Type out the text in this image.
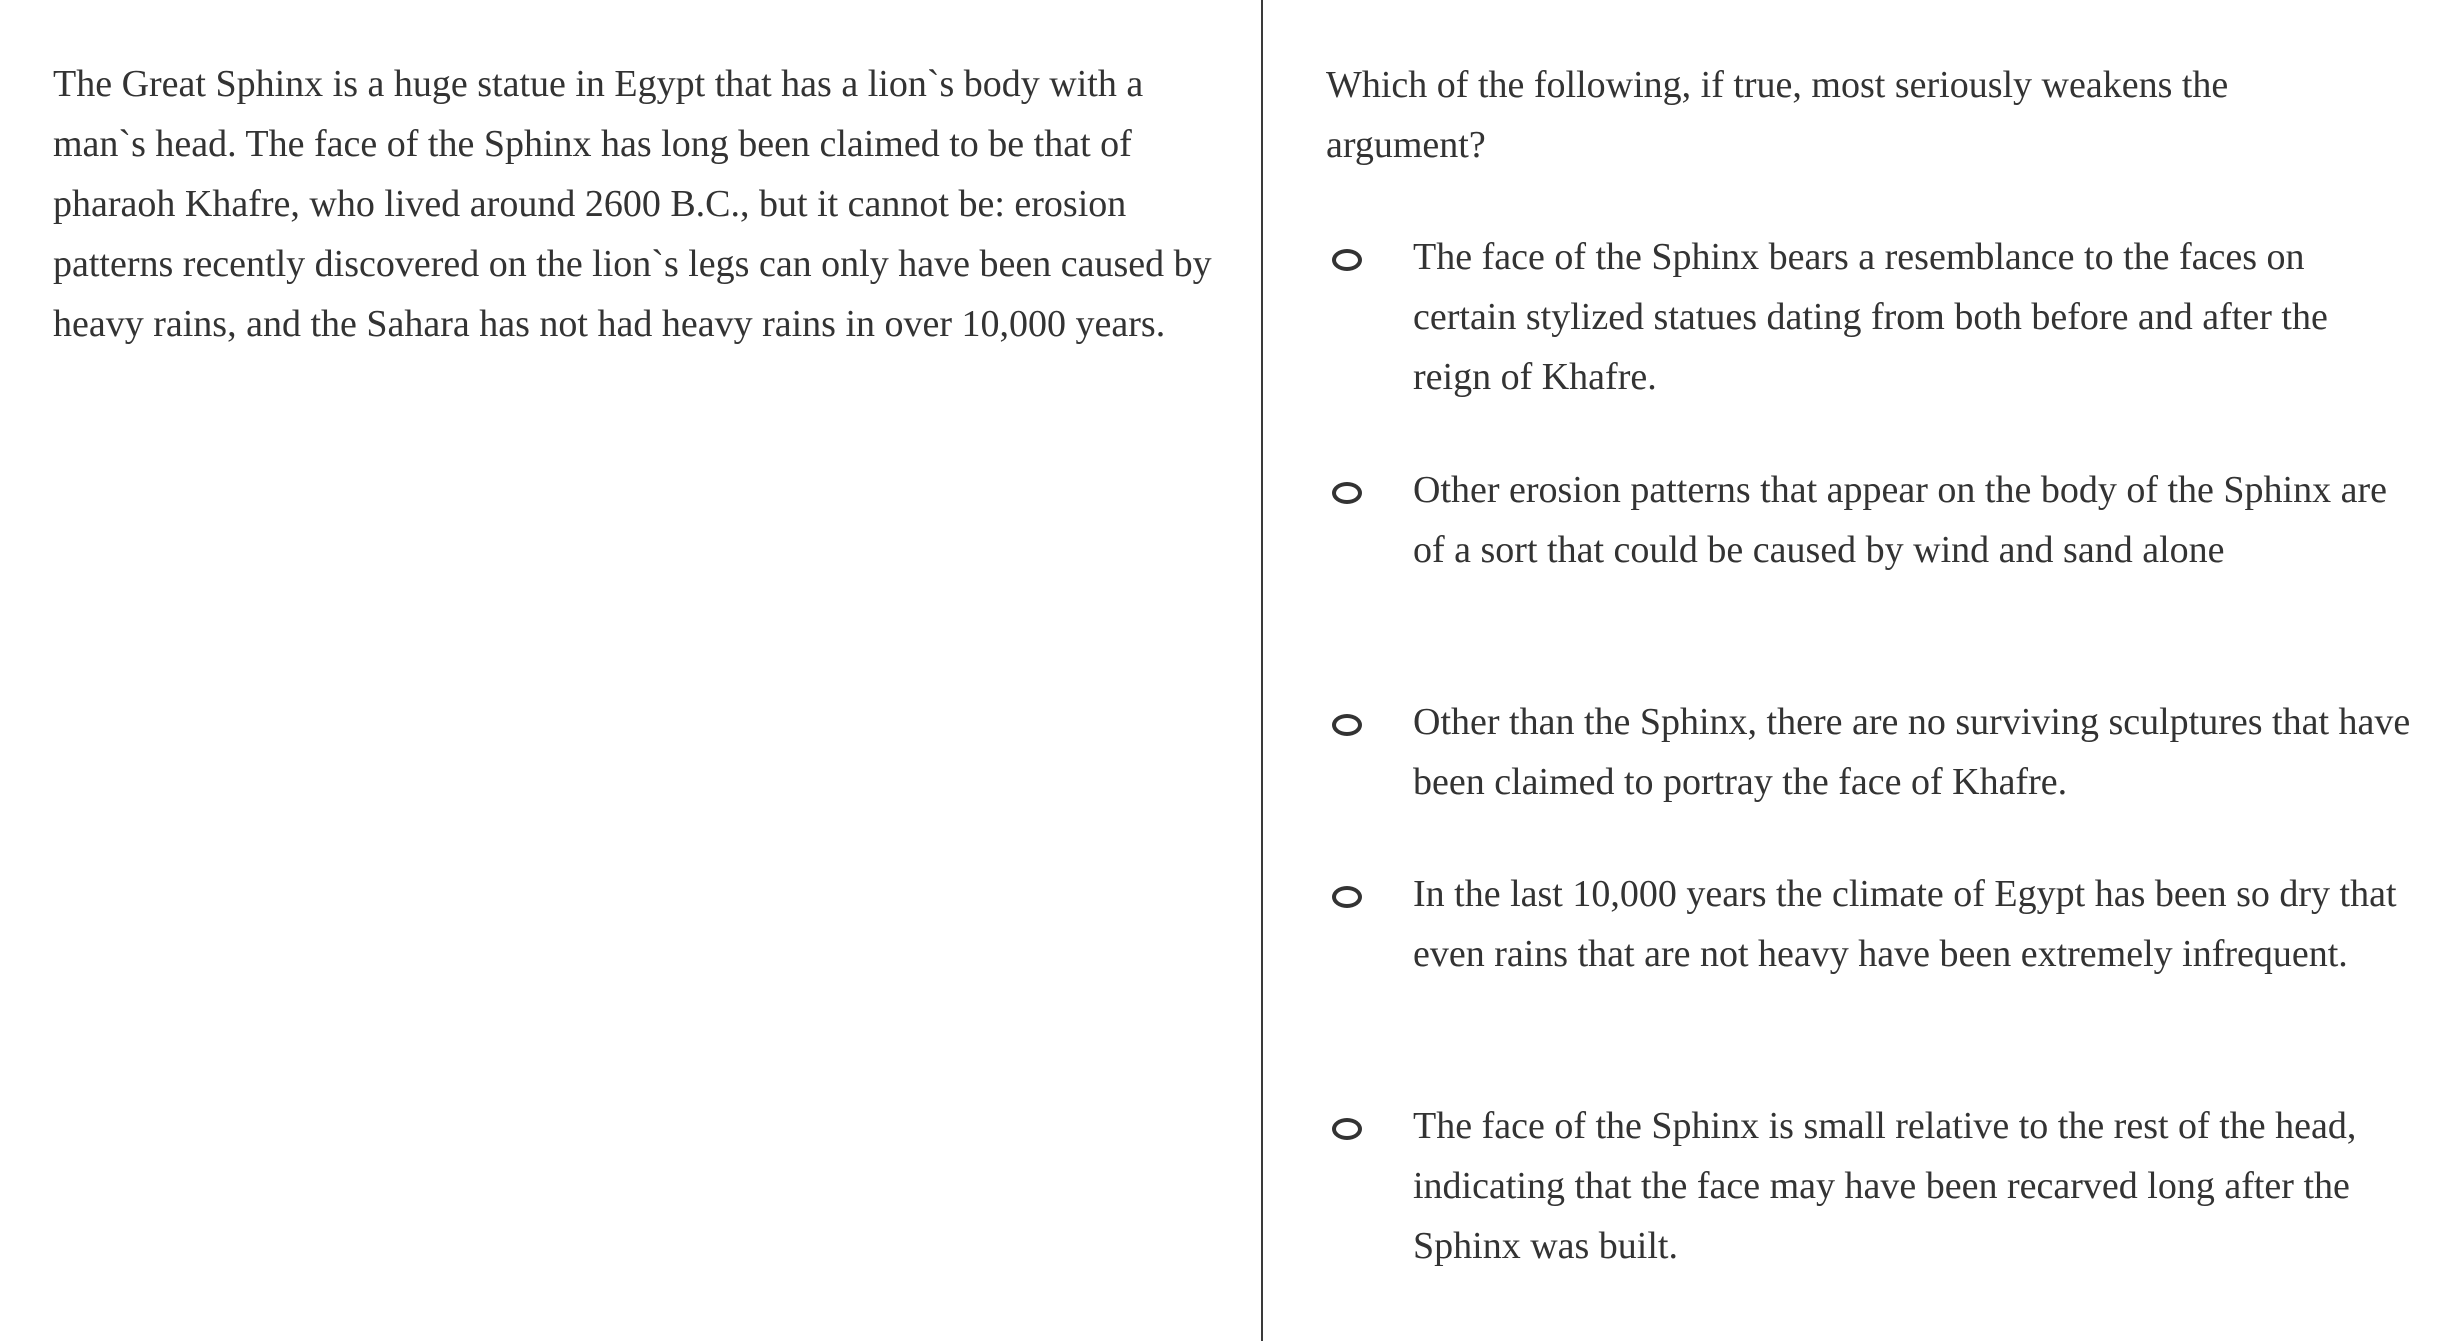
The Great Sphinx is a huge statue in Egypt that has a lion`s body with a man`s head. The face of the Sphinx has long been claimed to be that of pharaoh Khafre, who lived around 2600 B.C., but it cannot be: erosion patterns recently discovered on the lion`s legs can only have been caused by heavy rains, and the Sahara has not had heavy rains in over 10,000 years.

Which of the following, if true, most seriously weakens the argument?

The face of the Sphinx bears a resemblance to the faces on certain stylized statues dating from both before and after the reign of Khafre.
Other erosion patterns that appear on the body of the Sphinx are of a sort that could be caused by wind and sand alone
Other than the Sphinx, there are no surviving sculptures that have been claimed to portray the face of Khafre.
In the last 10,000 years the climate of Egypt has been so dry that even rains that are not heavy have been extremely infrequent.
The face of the Sphinx is small relative to the rest of the head, indicating that the face may have been recarved long after the Sphinx was built.
